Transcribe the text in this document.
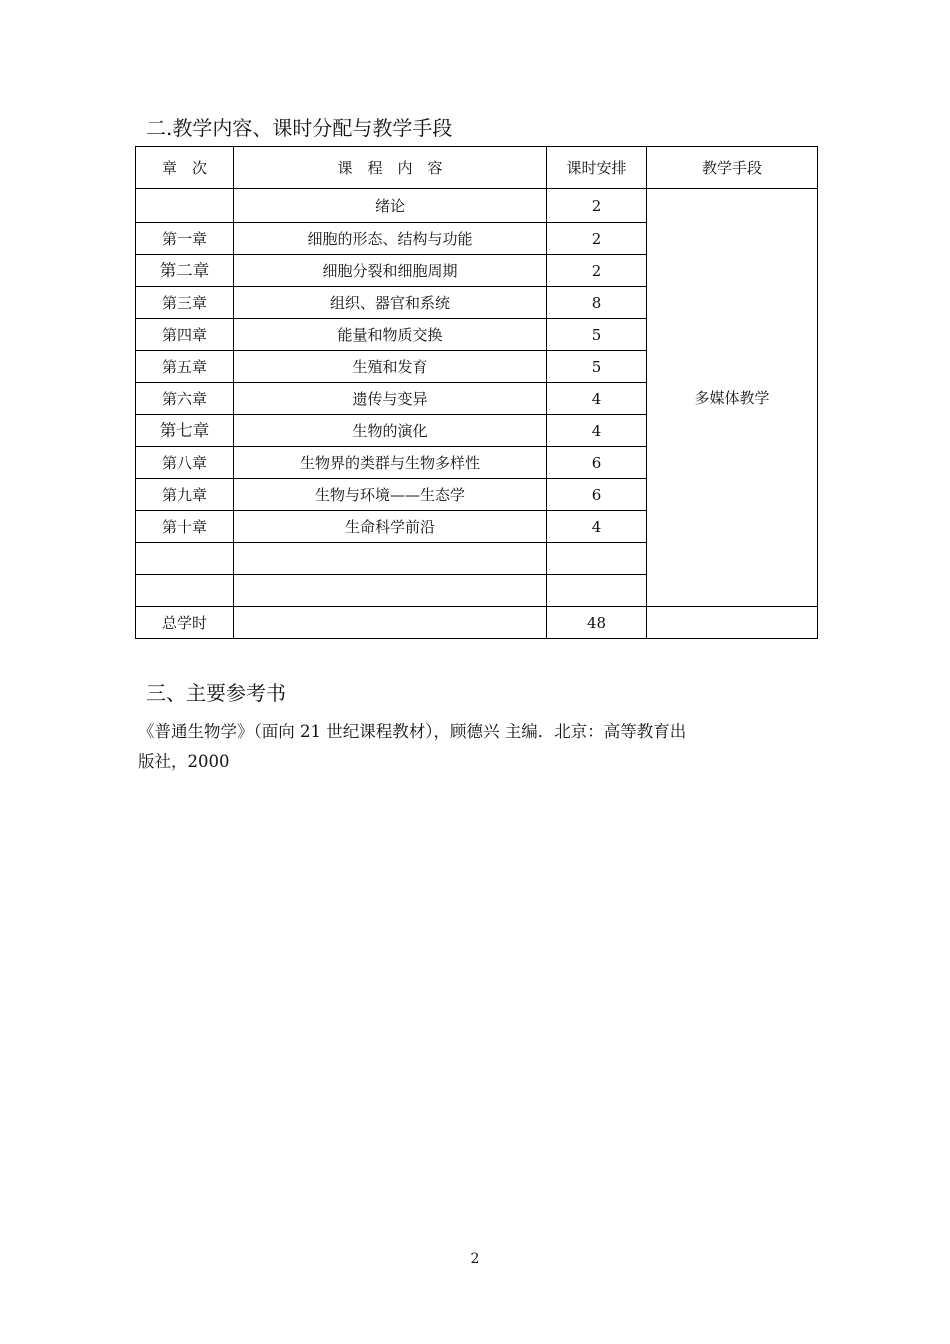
二.教学内容、课时分配与教学手段
章　次	课　程　内　容	课时安排	教学手段
	绪论	2	多媒体教学
第一章	细胞的形态、结构与功能	2	
第二章	细胞分裂和细胞周期	2	
第三章	组织、器官和系统	8	
第四章	能量和物质交换	5	
第五章	生殖和发育	5	
第六章	遗传与变异	4	
第七章	生物的演化	4	
第八章	生物界的类群与生物多样性	6	
第九章	生物与环境——生态学	6	
第十章	生命科学前沿	4	

总学时		48	
三、主要参考书

《普通生物学》（面向 21 世纪课程教材），顾德兴 主编．北京：高等教育出

版社，2000

2
